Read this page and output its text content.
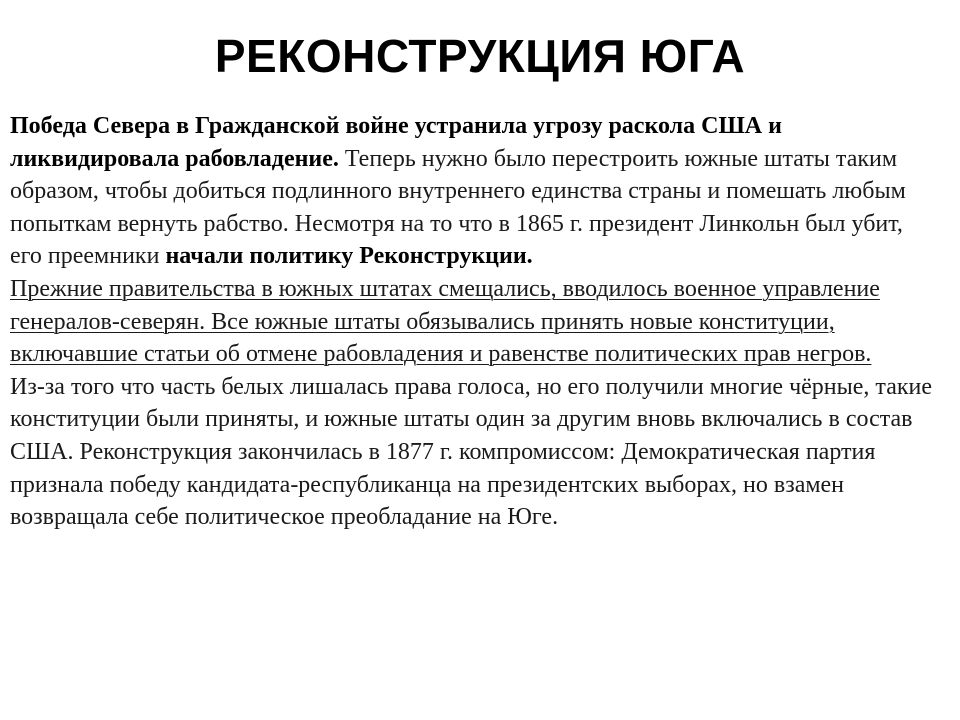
РЕКОНСТРУКЦИЯ ЮГА

Победа Севера в Гражданской войне устранила угрозу раскола США и ликвидировала рабовладение. Теперь нужно было перестроить южные штаты таким образом, чтобы добиться подлинного внутреннего единства страны и помешать любым попыткам вернуть рабство. Несмотря на то что в 1865 г. президент Линкольн был убит, его преемники начали политику Реконструкции.

Прежние правительства в южных штатах смещались, вводилось военное управление генералов-северян. Все южные штаты обязывались принять новые конституции, включавшие статьи об отмене рабовладения и равенстве политических прав негров.

Из-за того что часть белых лишалась права голоса, но его получили многие чёрные, такие конституции были приняты, и южные штаты один за другим вновь включались в состав США. Реконструкция закончилась в 1877 г. компромиссом: Демократическая партия признала победу кандидата-республиканца на президентских выборах, но взамен возвращала себе политическое преобладание на Юге.
